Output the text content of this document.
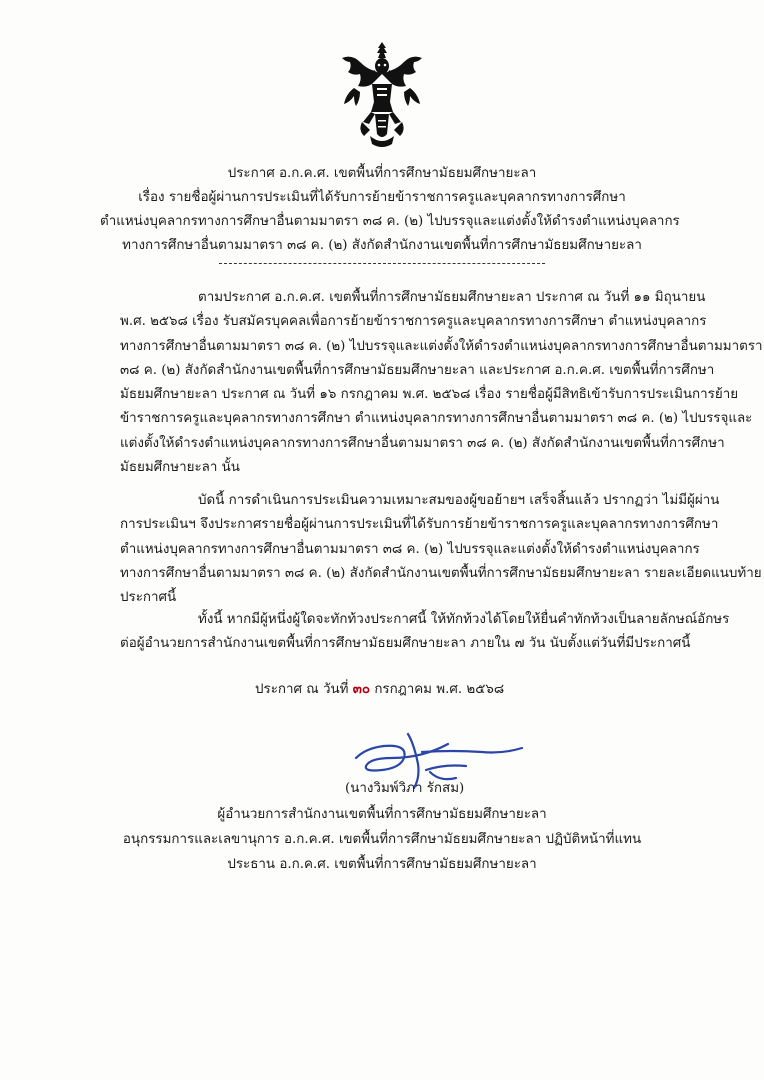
ประกาศ อ.ก.ค.ศ. เขตพื้นที่การศึกษามัธยมศึกษายะลา
เรื่อง รายชื่อผู้ผ่านการประเมินที่ได้รับการย้ายข้าราชการครูและบุคลากรทางการศึกษา
ตำแหน่งบุคลากรทางการศึกษาอื่นตามมาตรา ๓๘ ค. (๒) ไปบรรจุและแต่งตั้งให้ดำรงตำแหน่งบุคลากร
ทางการศึกษาอื่นตามมาตรา ๓๘ ค. (๒) สังกัดสำนักงานเขตพื้นที่การศึกษามัธยมศึกษายะลา
ตามประกาศ อ.ก.ค.ศ. เขตพื้นที่การศึกษามัธยมศึกษายะลา ประกาศ ณ วันที่ ๑๑ มิถุนายน
พ.ศ. ๒๕๖๘ เรื่อง รับสมัครบุคคลเพื่อการย้ายข้าราชการครูและบุคลากรทางการศึกษา ตำแหน่งบุคลากร
ทางการศึกษาอื่นตามมาตรา ๓๘ ค. (๒) ไปบรรจุและแต่งตั้งให้ดำรงตำแหน่งบุคลากรทางการศึกษาอื่นตามมาตรา
๓๘ ค. (๒) สังกัดสำนักงานเขตพื้นที่การศึกษามัธยมศึกษายะลา และประกาศ อ.ก.ค.ศ. เขตพื้นที่การศึกษา
มัธยมศึกษายะลา ประกาศ ณ วันที่ ๑๖ กรกฎาคม พ.ศ. ๒๕๖๘ เรื่อง รายชื่อผู้มีสิทธิเข้ารับการประเมินการย้าย
ข้าราชการครูและบุคลากรทางการศึกษา ตำแหน่งบุคลากรทางการศึกษาอื่นตามมาตรา ๓๘ ค. (๒) ไปบรรจุและ
แต่งตั้งให้ดำรงตำแหน่งบุคลากรทางการศึกษาอื่นตามมาตรา ๓๘ ค. (๒) สังกัดสำนักงานเขตพื้นที่การศึกษา
มัธยมศึกษายะลา นั้น
บัดนี้ การดำเนินการประเมินความเหมาะสมของผู้ขอย้ายฯ เสร็จสิ้นแล้ว ปรากฏว่า ไม่มีผู้ผ่าน
การประเมินฯ จึงประกาศรายชื่อผู้ผ่านการประเมินที่ได้รับการย้ายข้าราชการครูและบุคลากรทางการศึกษา
ตำแหน่งบุคลากรทางการศึกษาอื่นตามมาตรา ๓๘ ค. (๒) ไปบรรจุและแต่งตั้งให้ดำรงตำแหน่งบุคลากร
ทางการศึกษาอื่นตามมาตรา ๓๘ ค. (๒) สังกัดสำนักงานเขตพื้นที่การศึกษามัธยมศึกษายะลา รายละเอียดแนบท้าย
ประกาศนี้
ทั้งนี้ หากมีผู้หนึ่งผู้ใดจะทักท้วงประกาศนี้ ให้ทักท้วงได้โดยให้ยื่นคำทักท้วงเป็นลายลักษณ์อักษร
ต่อผู้อำนวยการสำนักงานเขตพื้นที่การศึกษามัธยมศึกษายะลา ภายใน ๗ วัน นับตั้งแต่วันที่มีประกาศนี้
ประกาศ ณ วันที่ ๓๐ กรกฎาคม พ.ศ. ๒๕๖๘
(นางวิมพ์วิภา รักสม)
ผู้อำนวยการสำนักงานเขตพื้นที่การศึกษามัธยมศึกษายะลา
อนุกรรมการและเลขานุการ อ.ก.ค.ศ. เขตพื้นที่การศึกษามัธยมศึกษายะลา ปฏิบัติหน้าที่แทน
ประธาน อ.ก.ค.ศ. เขตพื้นที่การศึกษามัธยมศึกษายะลา
